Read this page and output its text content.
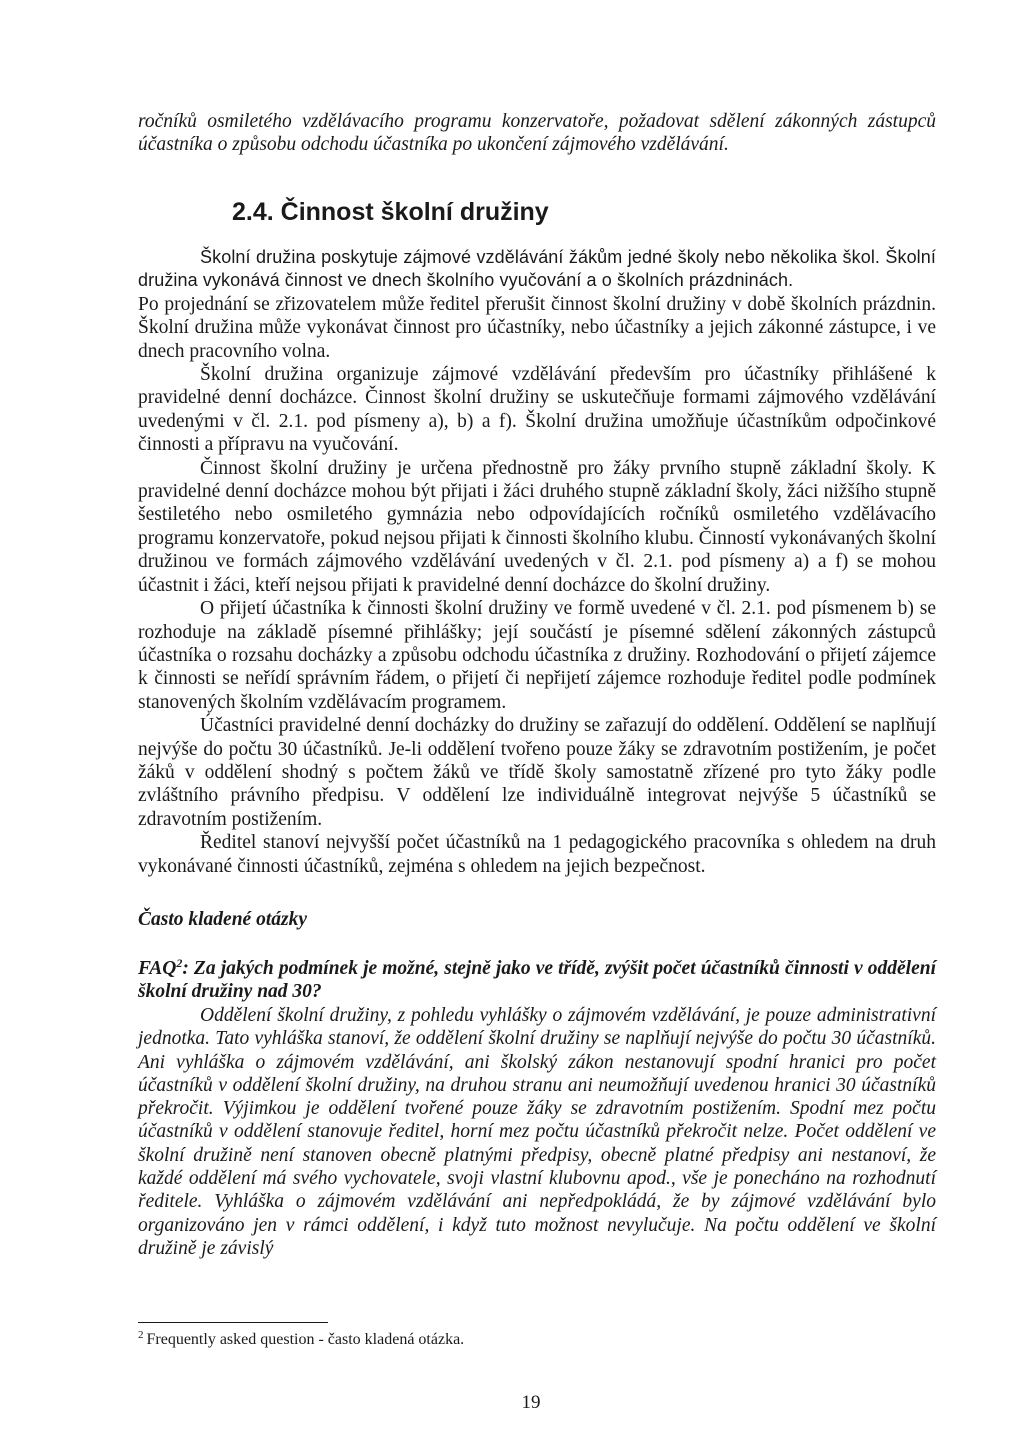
ročníků osmiletého vzdělávacího programu konzervatoře, požadovat sdělení zákonných zástupců účastníka o způsobu odchodu účastníka po ukončení zájmového vzdělávání.

2.4. Činnost školní družiny

Školní družina poskytuje zájmové vzdělávání žákům jedné školy nebo několika škol. Školní družina vykonává činnost ve dnech školního vyučování a o školních prázdninách.

Po projednání se zřizovatelem může ředitel přerušit činnost školní družiny v době školních prázdnin. Školní družina může vykonávat činnost pro účastníky, nebo účastníky a jejich zákonné zástupce, i ve dnech pracovního volna.

Školní družina organizuje zájmové vzdělávání především pro účastníky přihlášené k pravidelné denní docházce. Činnost školní družiny se uskutečňuje formami zájmového vzdělávání uvedenými v čl. 2.1. pod písmeny a), b) a f). Školní družina umožňuje účastníkům odpočinkové činnosti a přípravu na vyučování.

Činnost školní družiny je určena přednostně pro žáky prvního stupně základní školy. K pravidelné denní docházce mohou být přijati i žáci druhého stupně základní školy, žáci nižšího stupně šestiletého nebo osmiletého gymnázia nebo odpovídajících ročníků osmiletého vzdělávacího programu konzervatoře, pokud nejsou přijati k činnosti školního klubu. Činností vykonávaných školní družinou ve formách zájmového vzdělávání uvedených v čl. 2.1. pod písmeny a) a f) se mohou účastnit i žáci, kteří nejsou přijati k pravidelné denní docházce do školní družiny.

O přijetí účastníka k činnosti školní družiny ve formě uvedené v čl. 2.1. pod písmenem b) se rozhoduje na základě písemné přihlášky; její součástí je písemné sdělení zákonných zástupců účastníka o rozsahu docházky a způsobu odchodu účastníka z družiny. Rozhodování o přijetí zájemce k činnosti se neřídí správním řádem, o přijetí či nepřijetí zájemce rozhoduje ředitel podle podmínek stanovených školním vzdělávacím programem.

Účastníci pravidelné denní docházky do družiny se zařazují do oddělení. Oddělení se naplňují nejvýše do počtu 30 účastníků. Je-li oddělení tvořeno pouze žáky se zdravotním postižením, je počet žáků v oddělení shodný s počtem žáků ve třídě školy samostatně zřízené pro tyto žáky podle zvláštního právního předpisu. V oddělení lze individuálně integrovat nejvýše 5 účastníků se zdravotním postižením.

Ředitel stanoví nejvyšší počet účastníků na 1 pedagogického pracovníka s ohledem na druh vykonávané činnosti účastníků, zejména s ohledem na jejich bezpečnost.

Často kladené otázky

FAQ$^2$: Za jakých podmínek je možné, stejně jako ve třídě, zvýšit počet účastníků činnosti v oddělení školní družiny nad 30?

Oddělení školní družiny, z pohledu vyhlášky o zájmovém vzdělávání, je pouze administrativní jednotka. Tato vyhláška stanoví, že oddělení školní družiny se naplňují nejvýše do počtu 30 účastníků. Ani vyhláška o zájmovém vzdělávání, ani školský zákon nestanovují spodní hranici pro počet účastníků v oddělení školní družiny, na druhou stranu ani neumožňují uvedenou hranici 30 účastníků překročit. Výjimkou je oddělení tvořené pouze žáky se zdravotním postižením. Spodní mez počtu účastníků v oddělení stanovuje ředitel, horní mez počtu účastníků překročit nelze. Počet oddělení ve školní družině není stanoven obecně platnými předpisy, obecně platné předpisy ani nestanoví, že každé oddělení má svého vychovatele, svoji vlastní klubovnu apod., vše je ponecháno na rozhodnutí ředitele. Vyhláška o zájmovém vzdělávání ani nepředpokládá, že by zájmové vzdělávání bylo organizováno jen v rámci oddělení, i když tuto možnost nevylučuje. Na počtu oddělení ve školní družině je závislý

$^2$ Frequently asked question - často kladená otázka.
19
